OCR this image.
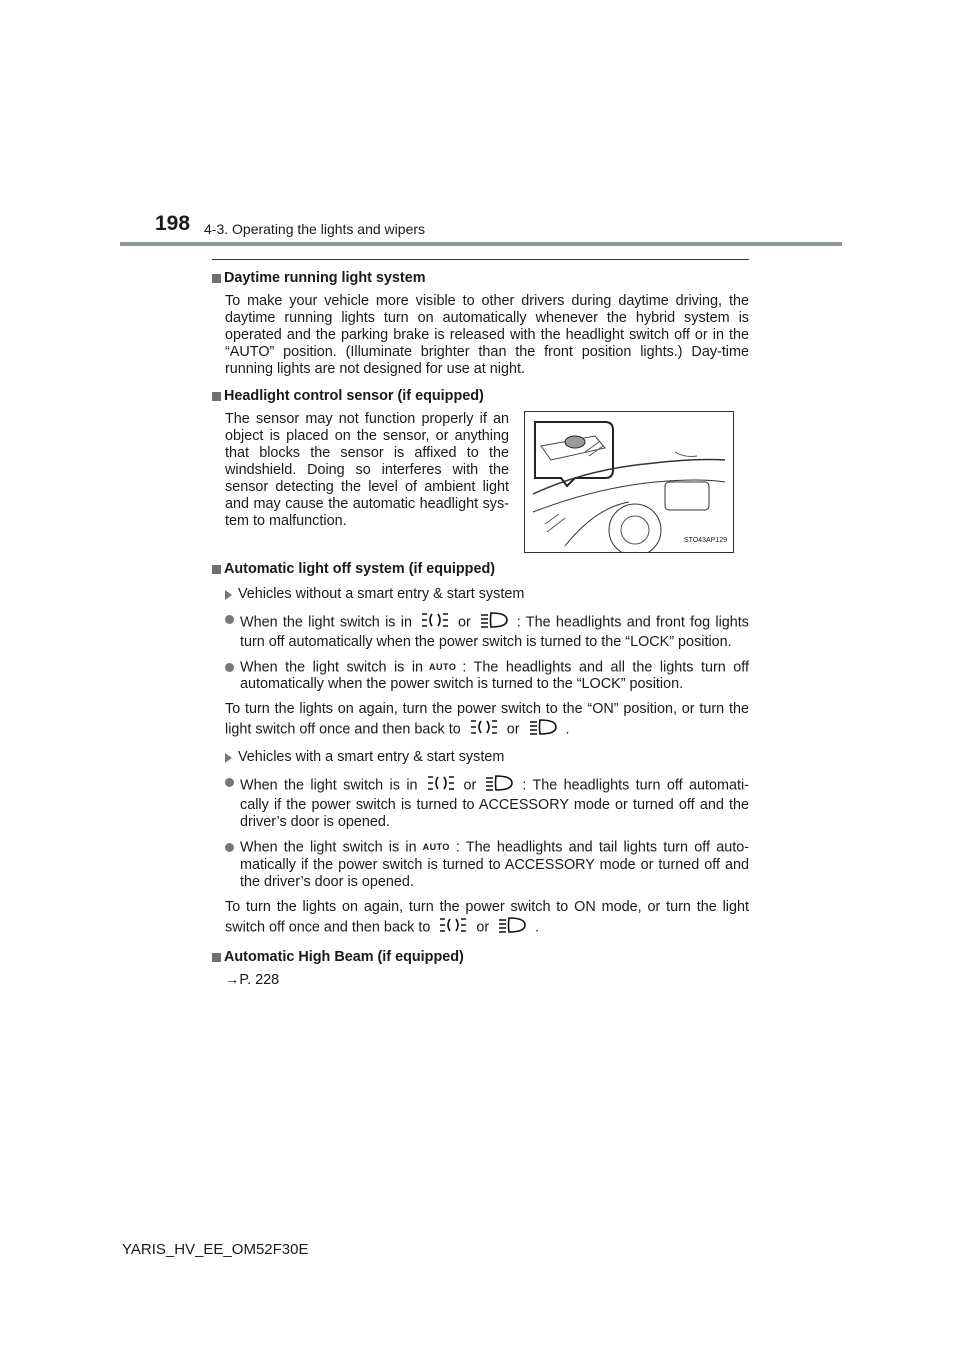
198 4-3. Operating the lights and wipers
Daytime running light system

To make your vehicle more visible to other drivers during daytime driving, the daytime running lights turn on automatically whenever the hybrid system is operated and the parking brake is released with the headlight switch off or in the “AUTO” position. (Illuminate brighter than the front position lights.) Day-time running lights are not designed for use at night.

Headlight control sensor (if equipped)
The sensor may not function properly if an object is placed on the sensor, or anything that blocks the sensor is affixed to the windshield. Doing so interferes with the sensor detecting the level of ambient light and may cause the automatic headlight sys-tem to malfunction.
STO43AP129
Automatic light off system (if equipped)
Vehicles without a smart entry & start system
When the light switch is in	or	: The headlights and front fog lights turn off automatically when the power switch is turned to the “LOCK” position.
When the light switch is in AUTO : The headlights and all the lights turn off automatically when the power switch is turned to the “LOCK” position.

To turn the lights on again, turn the power switch to the “ON” position, or turn the light switch off once and then back to	or	.

Vehicles with a smart entry & start system
When the light switch is in	or	: The headlights turn off automati-cally if the power switch is turned to ACCESSORY mode or turned off and the driver’s door is opened.
When the light switch is in AUTO : The headlights and tail lights turn off auto-matically if the power switch is turned to ACCESSORY mode or turned off and the driver’s door is opened.

To turn the lights on again, turn the power switch to ON mode, or turn the light switch off once and then back to	or	.

Automatic High Beam (if equipped)

→P. 228

YARIS_HV_EE_OM52F30E
